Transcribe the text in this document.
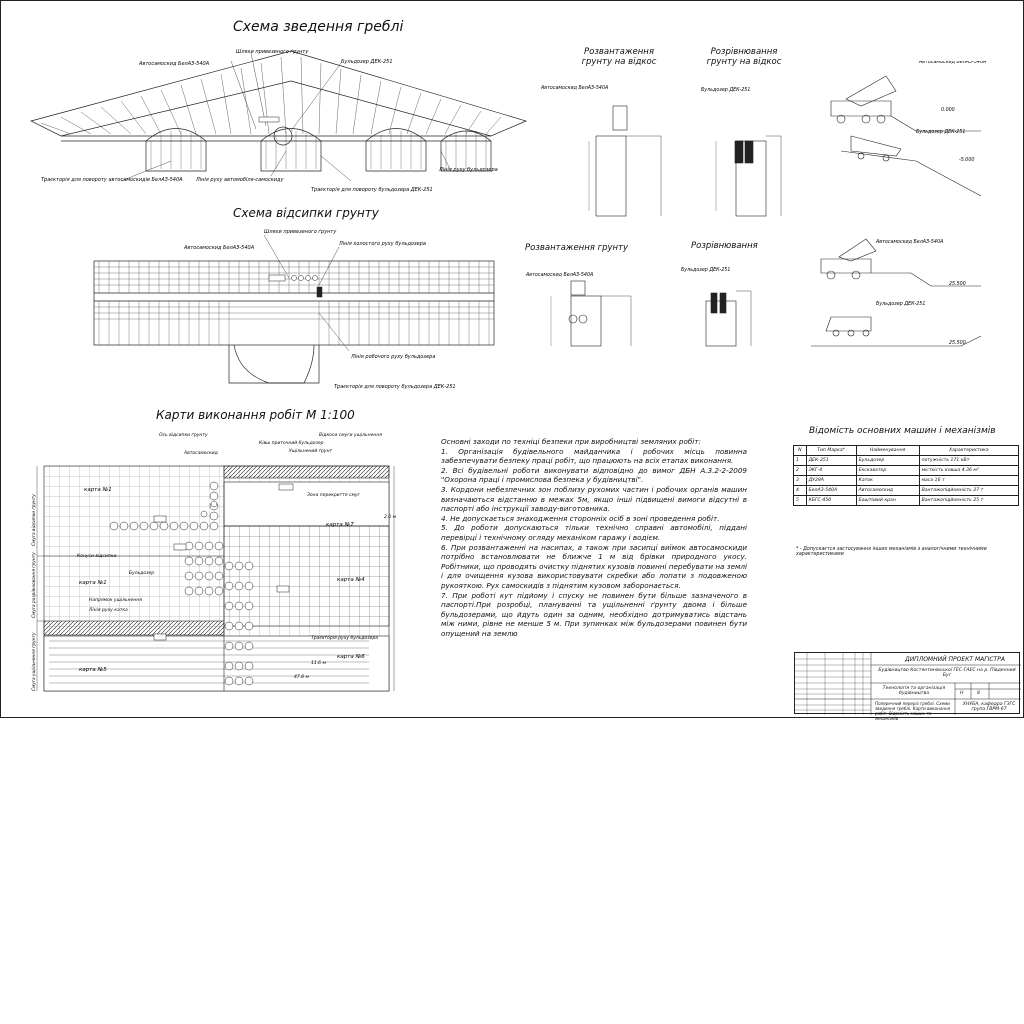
Схема зведення греблі
Схема відсипки грунту
Карти виконання робіт М 1:100
Розвантаження грунту на відкос
Розрівнювання грунту на відкос
Розвантаження грунту	Розрівнювання
Відомість основних машин і механізмів
Автосамоскид БелАЗ-540А
Шляхи привезеного ґрунту
Бульдозер ДЕК-251
Траєкторія для повороту автосамоскидів БелАЗ-540А	Лінія руху автомобіля-самоскиду
Траєкторія для повороту бульдозера ДЕК-251
Лінія руху бульдозера
Автосамоскид БелАЗ-540А
Шляхи привезеного ґрунту
Лінія холостого руху бульдозера
Лінія робочого руху бульдозера
Траєкторія для повороту бульдозера ДЕК-251
Автосамоскид БелАЗ-540А	Бульдозер ДЕК-251
Автосамоскид БелАЗ-540А
Бульдозер ДЕК-251
Автосамоскид БелАЗ-540А
Бульдозер ДЕК-251
Автосамоскид БелАЗ-540А
Бульдозер ДЕК-251
0.000
-5.000
25.500
25.500
карта №1
карта №1
карта №7
карта №4
карта №6
карта №5
Ось відсипки ґрунту
Автосамоскид
Ківш приточний бульдозер
Ущільнений ґрунт
Відкоси смуги ущільнення
Зона перекриття смуг
Конуси відсипки
Бульдозер
Напрямок ущільнення
Лінія руху катка
Траєкторія руху бульдозера
11.6 м
47.8 м
2.0 м
Смуга відсипки ґрунту
Смуга розрівнювання ґрунту
Смуга ущільнення ґрунту

Основні заходи по техніці безпеки при виробництві земляних робіт:

1. Організація будівельного майданчика і робочих місць повинна забезпечувати безпеку праці робіт, що працюють на всіх етапах виконання.

2. Всі будівельні роботи виконувати відповідно до вимог ДБН А.3.2-2-2009 "Охорона праці і промислова безпека у будівництві".

3. Кордони небезпечних зон поблизу рухомих частин і робочих органів машин визначаються відстанню в межах 5м, якщо інші підвищені вимоги відсутні в паспорті або інструкції заводу-виготовника.

4. Не допускається знаходження сторонніх осіб в зоні проведення робіт.

5. До роботи допускаються тільки технічно справні автомобілі, піддані перевірці і технічному огляду механіком гаражу і водієм.

6. При розвантаженні на насипах, а також при засипці виїмок автосамоскиди потрібно встановлювати не ближче 1 м від брівки природного укосу. Робітники, що проводять очистку піднятих кузовів повинні перебувати на землі і для очищення кузова використовувати скребки або лопати з подовженою рукояткою. Рух самоскидів з піднятим кузовом заборонається.

7. При роботі кут підйому і спуску не повинен бути більше зазначеного в паспорті.При розробці, плануванні та ущільненні ґрунту двома і більше бульдозерами, що йдуть один за одним, необхідно дотримуватись відстань між ними, рівне не менше 5 м. При зупинках між бульдозерами повинен бути опущений на землю

N	Тип Марка*	Найменування	Характеристика
1	ДЕК-251	Бульдозер	потужність 171 кВт
2	ЭКГ-4	Екскаватор	місткість ковша 4.36 м³
3	ДУ29А	Каток	маса 16 т
4	БелАЗ-540А	Автосамоскид	Вантажопідйомність 27 т
5	КБГС-450	Баштовий кран	Вантажопідйомність 25 т
* - Допускаєтся застосування інших механізмів з аналогічними технічними характеристиками
ДИПЛОМНИЙ ПРОЕКТ МАГІСТРА
Будівництво Костянтинівської ГЕС-ГАЕС на р. Південний Буг
Технологія та організація будівництва
Поперечний переріз греблі. Схеми зведення греблі. Карти виконання робіт. Відомість машин та механізмів
ХНУБА, кафедра ГЗГС група ГВРМ-67
Н	8
